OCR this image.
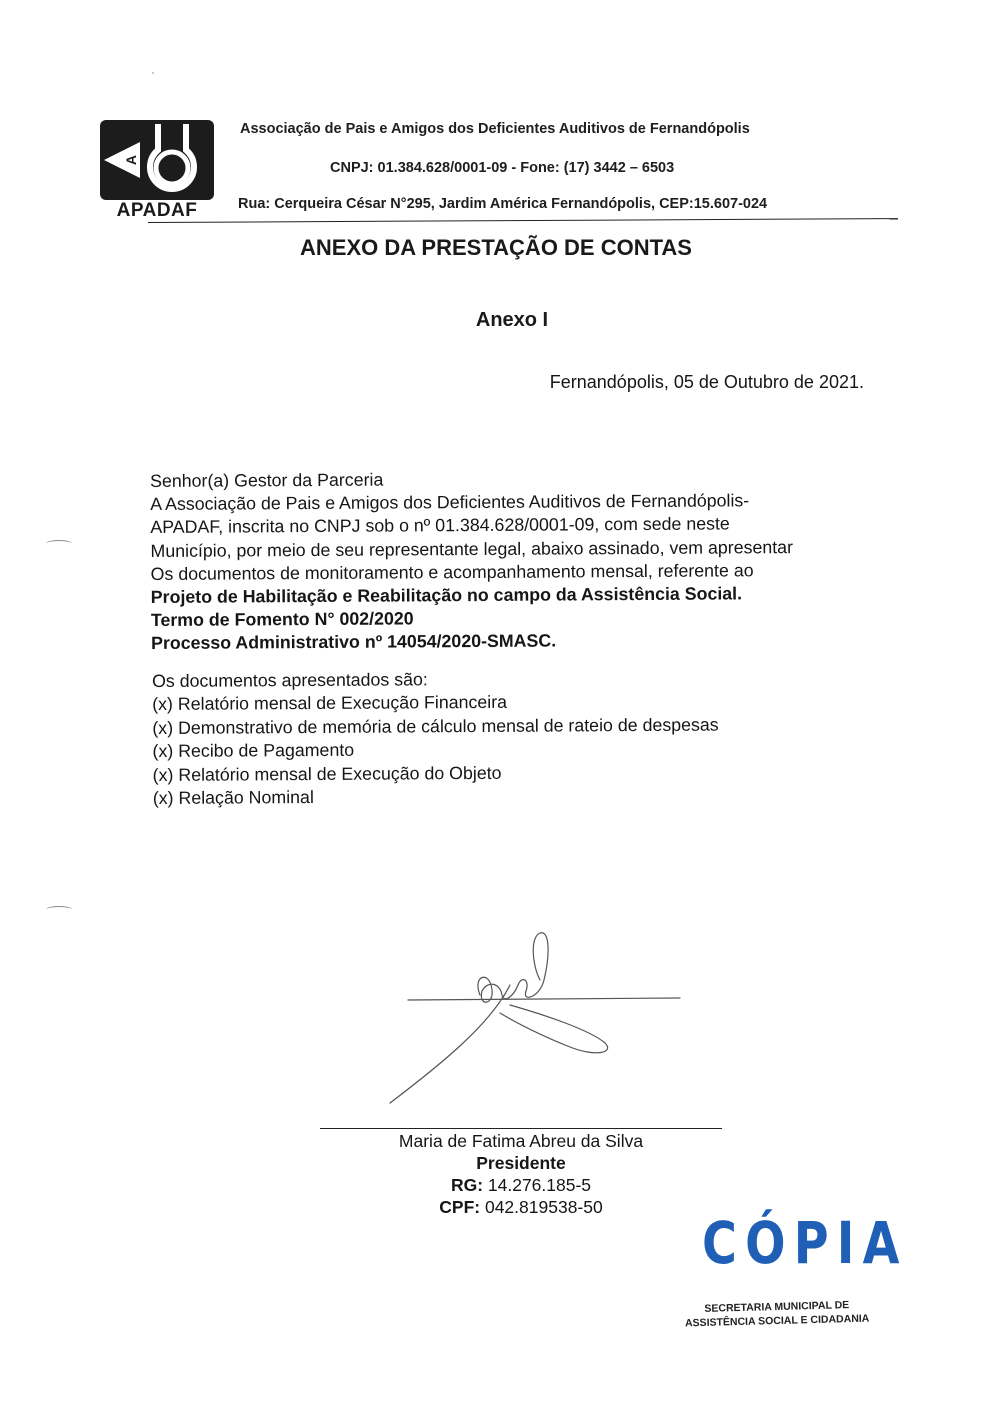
A
APADAF
Associação de Pais e Amigos dos Deficientes Auditivos de Fernandópolis
CNPJ: 01.384.628/0001-09 - Fone: (17) 3442 – 6503
Rua: Cerqueira César N°295, Jardim América Fernandópolis, CEP:15.607-024
ANEXO DA PRESTAÇÃO DE CONTAS
Anexo I
Fernandópolis, 05 de Outubro de 2021.
Senhor(a) Gestor da Parceria
A Associação de Pais e Amigos dos Deficientes Auditivos de Fernandópolis-
APADAF, inscrita no CNPJ sob o nº 01.384.628/0001-09, com sede neste
Município, por meio de seu representante legal, abaixo assinado, vem apresentar
Os documentos de monitoramento e acompanhamento mensal, referente ao
Projeto de Habilitação e Reabilitação no campo da Assistência Social.
Termo de Fomento N° 002/2020
Processo Administrativo nº 14054/2020-SMASC.
Os documentos apresentados são:
(x) Relatório mensal de Execução Financeira
(x) Demonstrativo de memória de cálculo mensal de rateio de despesas
(x) Recibo de Pagamento
(x) Relatório mensal de Execução do Objeto
(x) Relação Nominal
Maria de Fatima Abreu da Silva
Presidente
RG: 14.276.185-5
CPF: 042.819538-50
CÓPIA
SECRETARIA MUNICIPAL DE
ASSISTÊNCIA SOCIAL E CIDADANIA
